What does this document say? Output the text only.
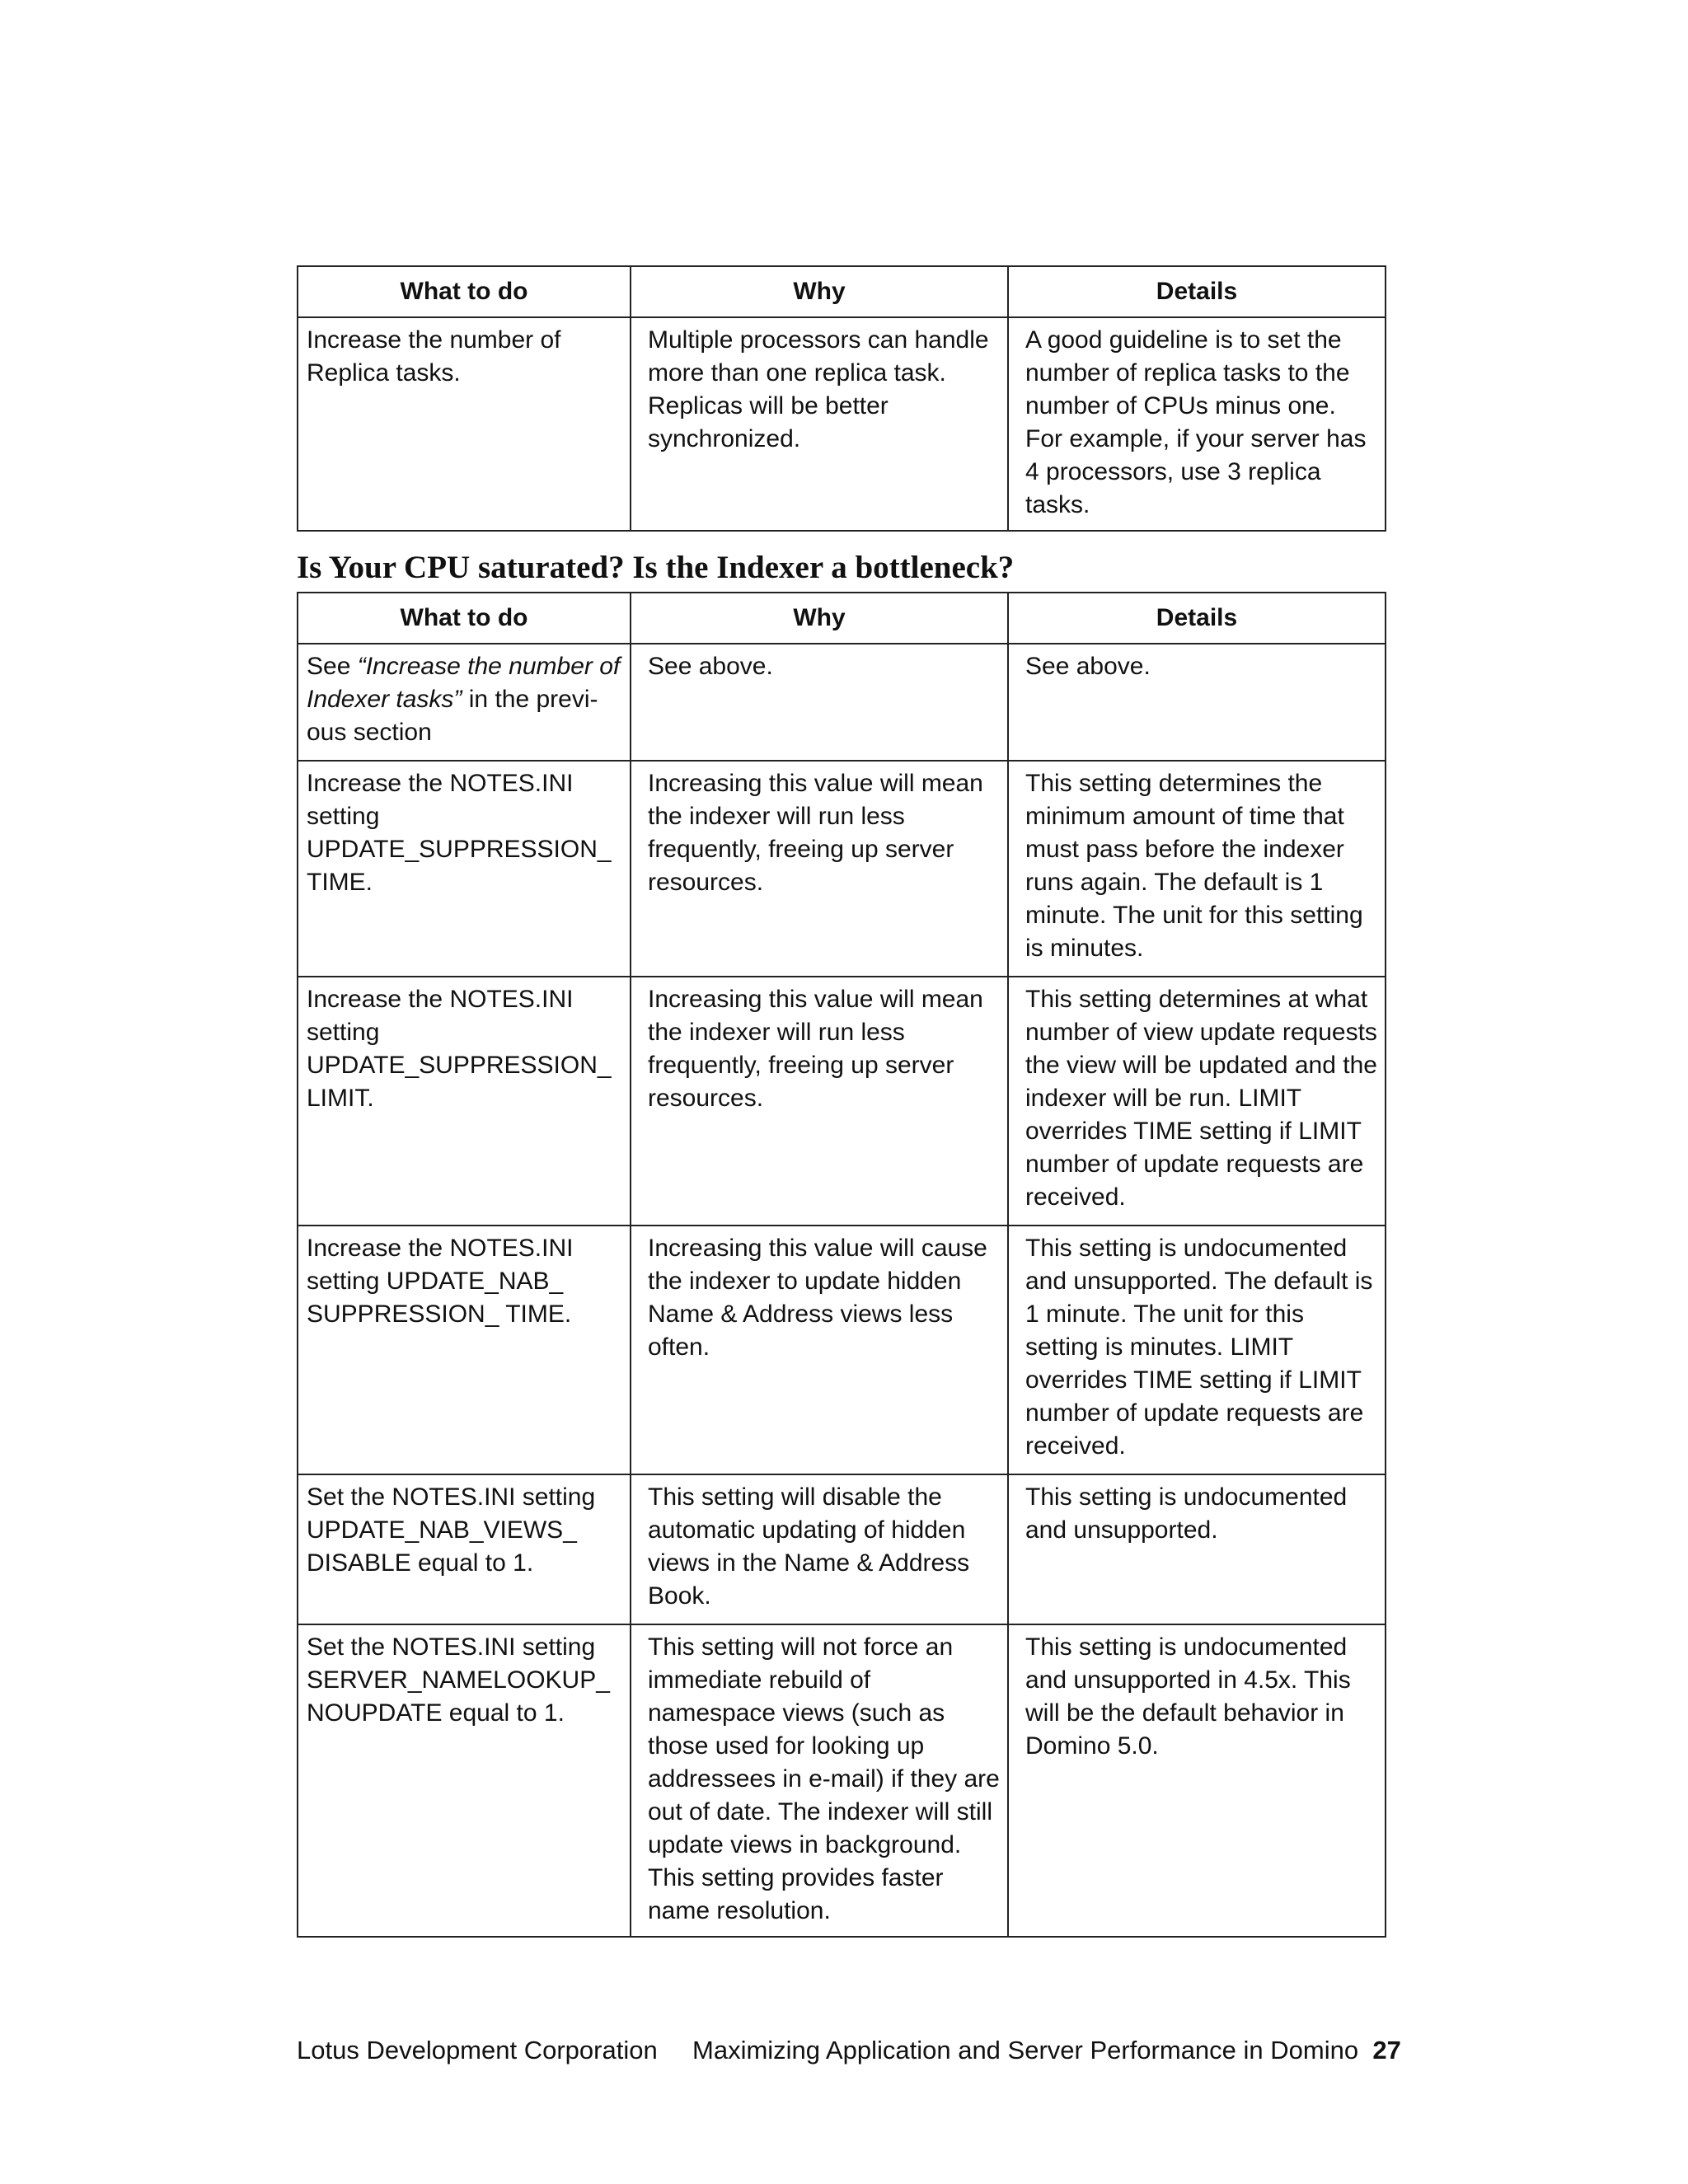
What to do	Why	Details
Increase the number of Replica tasks.	Multiple processors can handle more than one replica task. Replicas will be better synchronized.	A good guideline is to set the number of replica tasks to the number of CPUs minus one. For example, if your server has 4 processors, use 3 replica tasks.
Is Your CPU saturated? Is the Indexer a bottleneck?
What to do	Why	Details
See “Increase the number of Indexer tasks” in the previ-ous section	See above.	See above.
Increase the NOTES.INI setting UPDATE_SUPPRESSION_ TIME.	Increasing this value will mean the indexer will run less frequently, freeing up server resources.	This setting determines the minimum amount of time that must pass before the indexer runs again. The default is 1 minute. The unit for this setting is minutes.
Increase the NOTES.INI setting UPDATE_SUPPRESSION_ LIMIT.	Increasing this value will mean the indexer will run less frequently, freeing up server resources.	This setting determines at what number of view update requests the view will be updated and the indexer will be run. LIMIT overrides TIME setting if LIMIT number of update requests are received.
Increase the NOTES.INI setting UPDATE_NAB_ SUPPRESSION_ TIME.	Increasing this value will cause the indexer to update hidden Name & Address views less often.	This setting is undocumented and unsupported. The default is 1 minute. The unit for this setting is minutes. LIMIT overrides TIME setting if LIMIT number of update requests are received.
Set the NOTES.INI setting UPDATE_NAB_VIEWS_ DISABLE equal to 1.	This setting will disable the automatic updating of hidden views in the Name & Address Book.	This setting is undocumented and unsupported.
Set the NOTES.INI setting SERVER_NAMELOOKUP_ NOUPDATE equal to 1.	This setting will not force an immediate rebuild of namespace views (such as those used for looking up addressees in e-mail) if they are out of date. The indexer will still update views in background. This setting provides faster name resolution.	This setting is undocumented and unsupported in 4.5x. This will be the default behavior in Domino 5.0.
Lotus Development Corporation Maximizing Application and Server Performance in Domino 27
